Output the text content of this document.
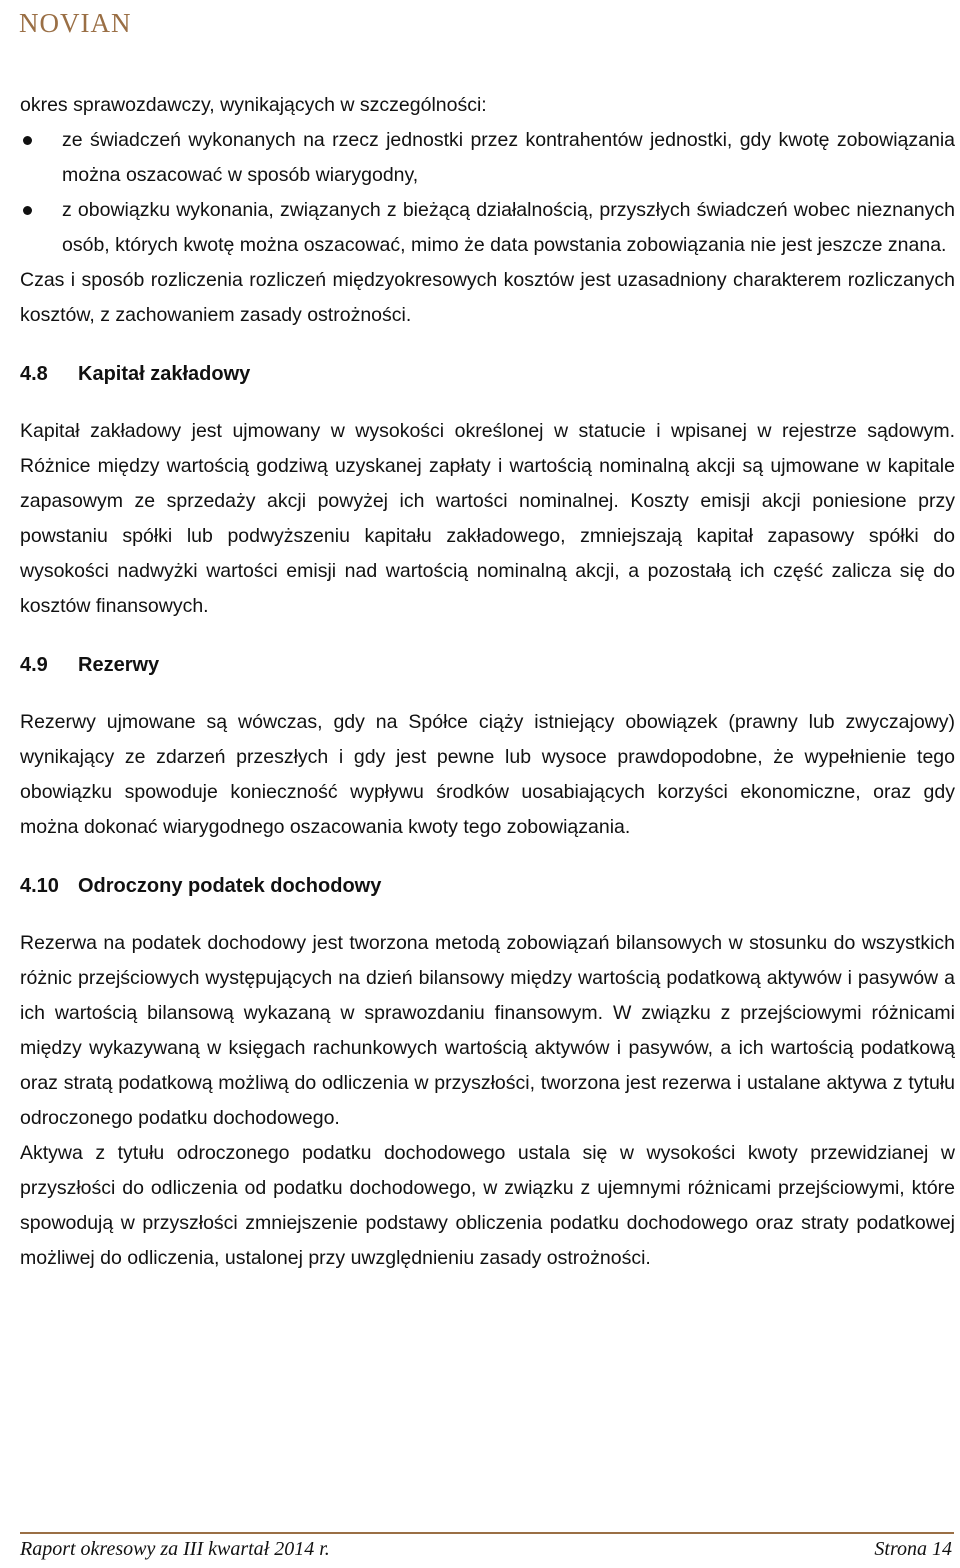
NOVIAN

okres sprawozdawczy, wynikających w szczególności:

ze świadczeń wykonanych na rzecz jednostki przez kontrahentów jednostki, gdy kwotę zobowiązania można oszacować w sposób wiarygodny,
z obowiązku wykonania, związanych z bieżącą działalnością, przyszłych świadczeń wobec nieznanych osób, których kwotę można oszacować, mimo że data powstania zobowiązania nie jest jeszcze znana.

Czas i sposób rozliczenia rozliczeń międzyokresowych kosztów jest uzasadniony charakterem rozliczanych kosztów, z zachowaniem zasady ostrożności.

4.8	Kapitał zakładowy

Kapitał zakładowy jest ujmowany w wysokości określonej w statucie i wpisanej w rejestrze sądowym. Różnice między wartością godziwą uzyskanej zapłaty i wartością nominalną akcji są ujmowane w kapitale zapasowym ze sprzedaży akcji powyżej ich wartości nominalnej. Koszty emisji akcji poniesione przy powstaniu spółki lub podwyższeniu kapitału zakładowego, zmniejszają kapitał zapasowy spółki do wysokości nadwyżki wartości emisji nad wartością nominalną akcji, a pozostałą ich część zalicza się do kosztów finansowych.

4.9	Rezerwy

Rezerwy ujmowane są wówczas, gdy na Spółce ciąży istniejący obowiązek (prawny lub zwyczajowy) wynikający ze zdarzeń przeszłych i gdy jest pewne lub wysoce prawdopodobne, że wypełnienie tego obowiązku spowoduje konieczność wypływu środków uosabiających korzyści ekonomiczne, oraz gdy można dokonać wiarygodnego oszacowania kwoty tego zobowiązania.

4.10 Odroczony podatek dochodowy

Rezerwa na podatek dochodowy jest tworzona metodą zobowiązań bilansowych w stosunku do wszystkich różnic przejściowych występujących na dzień bilansowy między wartością podatkową aktywów i pasywów a ich wartością bilansową wykazaną w sprawozdaniu finansowym. W związku z przejściowymi różnicami między wykazywaną w księgach rachunkowych wartością aktywów i pasywów, a ich wartością podatkową oraz stratą podatkową możliwą do odliczenia w przyszłości, tworzona jest rezerwa i ustalane aktywa z tytułu odroczonego podatku dochodowego.

Aktywa z tytułu odroczonego podatku dochodowego ustala się w wysokości kwoty przewidzianej w przyszłości do odliczenia od podatku dochodowego, w związku z ujemnymi różnicami przejściowymi, które spowodują w przyszłości zmniejszenie podstawy obliczenia podatku dochodowego oraz straty podatkowej możliwej do odliczenia, ustalonej przy uwzględnieniu zasady ostrożności.

Raport okresowy za III kwartał 2014 r.	Strona 14
